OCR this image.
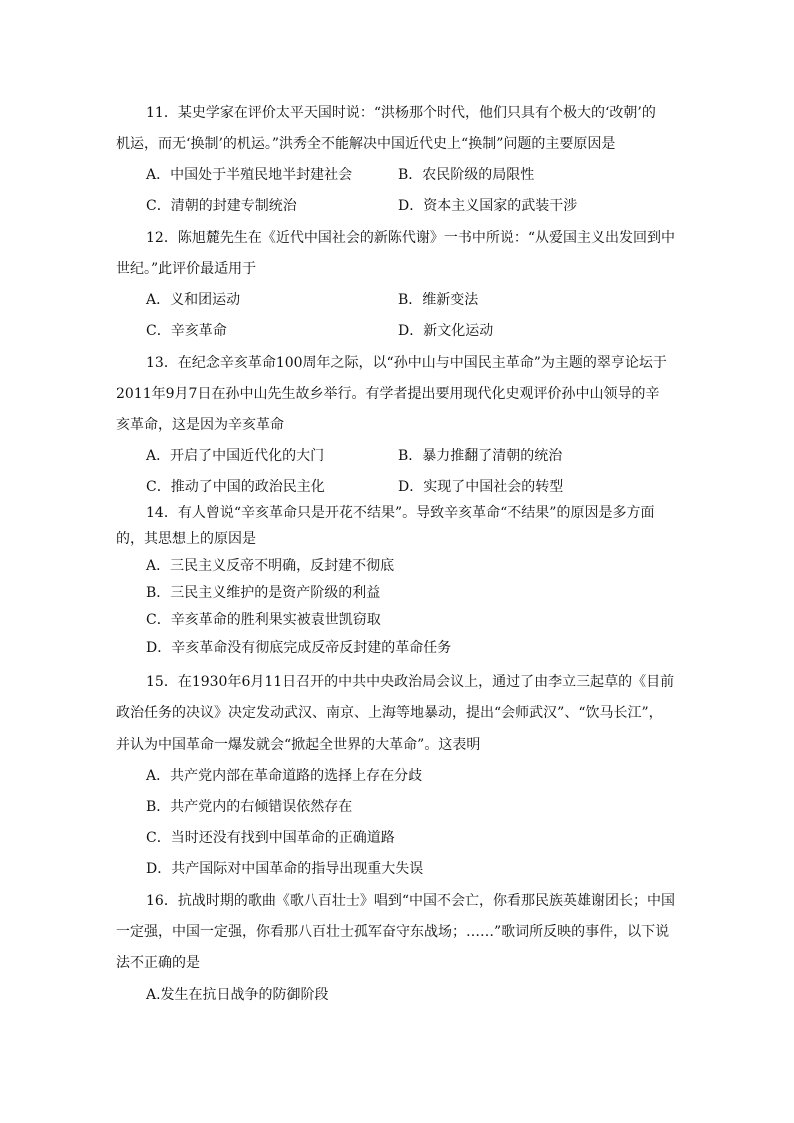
11．某史学家在评价太平天国时说：“洪杨那个时代，他们只具有个极大的‘改朝’的
机运，而无‘换制’的机运。”洪秀全不能解决中国近代史上“换制”问题的主要原因是
A．中国处于半殖民地半封建社会	B．农民阶级的局限性
C．清朝的封建专制统治	D．资本主义国家的武装干涉
12．陈旭麓先生在《近代中国社会的新陈代谢》一书中所说：“从爱国主义出发回到中
世纪。”此评价最适用于
A．义和团运动	B．维新变法
C．辛亥革命	D．新文化运动
13．在纪念辛亥革命100周年之际，以“孙中山与中国民主革命”为主题的翠亨论坛于
2011年9月7日在孙中山先生故乡举行。有学者提出要用现代化史观评价孙中山领导的辛
亥革命，这是因为辛亥革命
A．开启了中国近代化的大门	B．暴力推翻了清朝的统治
C．推动了中国的政治民主化	D．实现了中国社会的转型
14．有人曾说“辛亥革命只是开花不结果”。导致辛亥革命“不结果”的原因是多方面
的，其思想上的原因是
A．三民主义反帝不明确，反封建不彻底
B．三民主义维护的是资产阶级的利益
C．辛亥革命的胜利果实被袁世凯窃取
D．辛亥革命没有彻底完成反帝反封建的革命任务
15．在1930年6月11日召开的中共中央政治局会议上，通过了由李立三起草的《目前
政治任务的决议》决定发动武汉、南京、上海等地暴动，提出“会师武汉”、“饮马长江”，
并认为中国革命一爆发就会“掀起全世界的大革命”。这表明
A．共产党内部在革命道路的选择上存在分歧
B．共产党内的右倾错误依然存在
C．当时还没有找到中国革命的正确道路
D．共产国际对中国革命的指导出现重大失误
16．抗战时期的歌曲《歌八百壮士》唱到“中国不会亡，你看那民族英雄谢团长；中国
一定强，中国一定强，你看那八百壮士孤军奋守东战场；……”歌词所反映的事件，以下说
法不正确的是
A.发生在抗日战争的防御阶段
